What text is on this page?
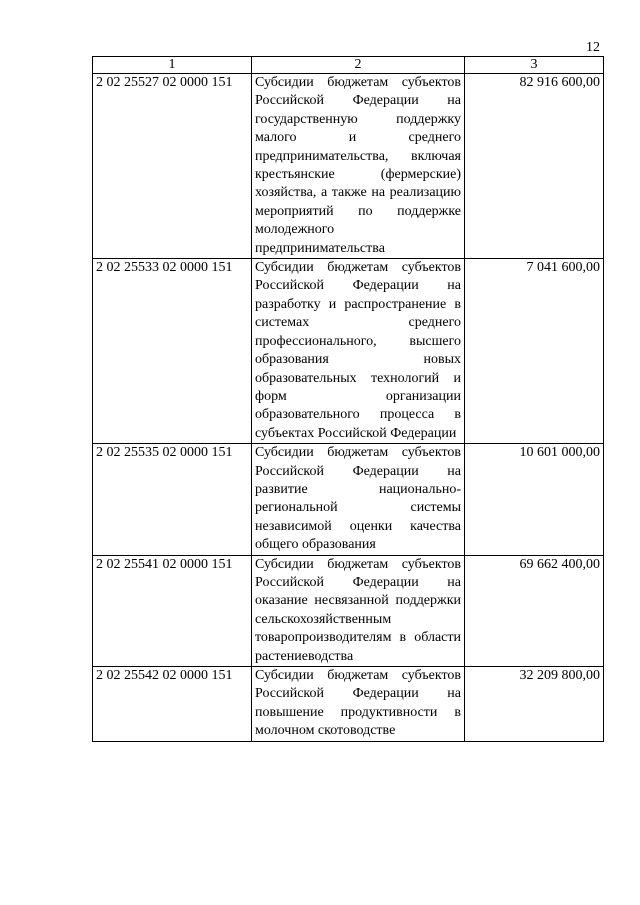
12
1	2	3
2 02 25527 02 0000 151	Субсидии бюджетам субъектов Российской Федерации на государственную поддержку малого и среднего предпринимательства, включая крестьянские (фермерские) хозяйства, а также на реализацию мероприятий по поддержке молодежного предпринимательства	82 916 600,00
2 02 25533 02 0000 151	Субсидии бюджетам субъектов Российской Федерации на разработку и распространение в системах среднего профессионального, высшего образования новых образовательных технологий и форм организации образовательного процесса в субъектах Российской Федерации	7 041 600,00
2 02 25535 02 0000 151	Субсидии бюджетам субъектов Российской Федерации на развитие национально-региональной системы независимой оценки качества общего образования	10 601 000,00
2 02 25541 02 0000 151	Субсидии бюджетам субъектов Российской Федерации на оказание несвязанной поддержки сельскохозяйственным товаропроизводителям в области растениеводства	69 662 400,00
2 02 25542 02 0000 151	Субсидии бюджетам субъектов Российской Федерации на повышение продуктивности в молочном скотоводстве	32 209 800,00
